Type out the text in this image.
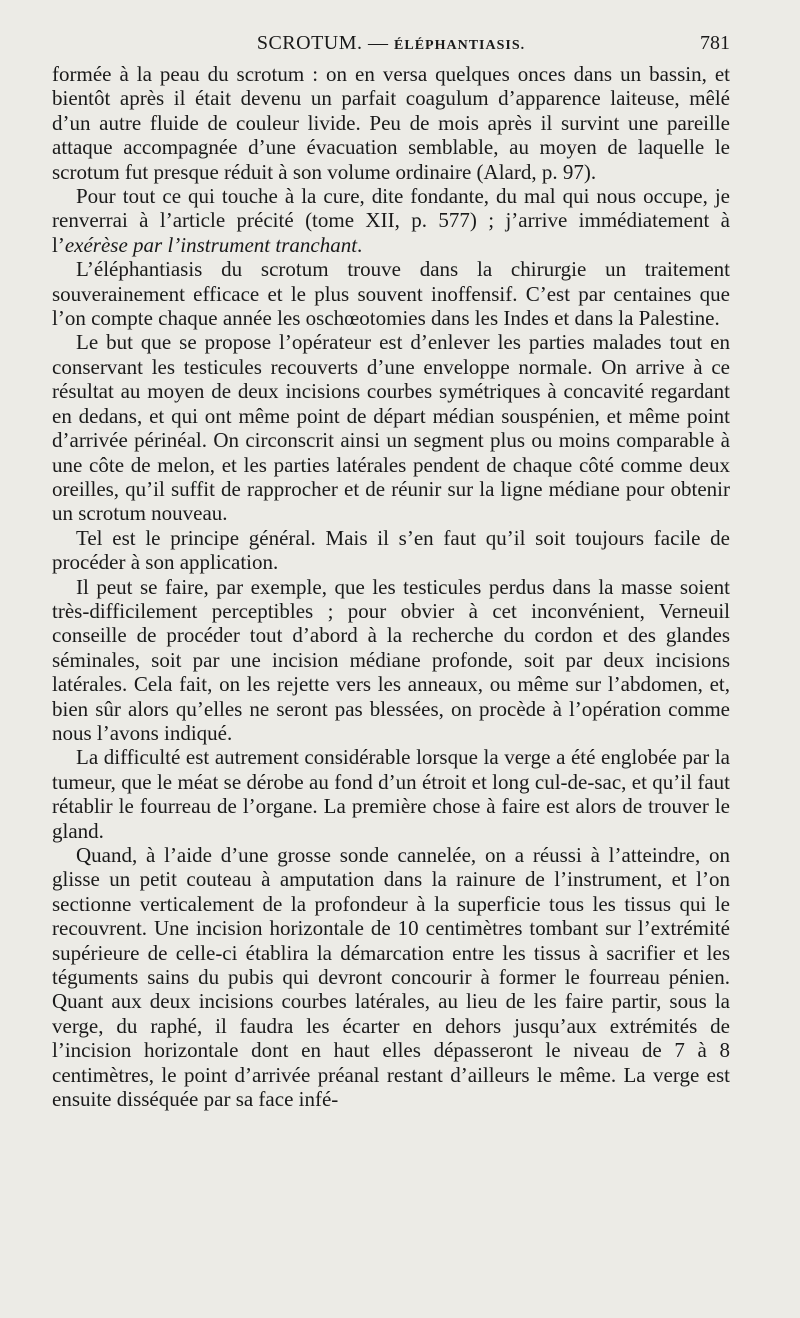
SCROTUM. — ÉLÉPHANTIASIS.	781

formée à la peau du scrotum : on en versa quelques onces dans un bassin, et bientôt après il était devenu un parfait coagulum d’apparence laiteuse, mêlé d’un autre fluide de couleur livide. Peu de mois après il survint une pareille attaque accompagnée d’une évacuation semblable, au moyen de laquelle le scrotum fut presque réduit à son volume ordinaire (Alard, p. 97).

Pour tout ce qui touche à la cure, dite fondante, du mal qui nous occupe, je renverrai à l’article précité (tome XII, p. 577) ; j’arrive immédiatement à l’exérèse par l’instrument tranchant.

L’éléphantiasis du scrotum trouve dans la chirurgie un traitement souverainement efficace et le plus souvent inoffensif. C’est par centaines que l’on compte chaque année les oschœotomies dans les Indes et dans la Palestine.

Le but que se propose l’opérateur est d’enlever les parties malades tout en conservant les testicules recouverts d’une enveloppe normale. On arrive à ce résultat au moyen de deux incisions courbes symétriques à concavité regardant en dedans, et qui ont même point de départ médian souspénien, et même point d’arrivée périnéal. On circonscrit ainsi un segment plus ou moins comparable à une côte de melon, et les parties latérales pendent de chaque côté comme deux oreilles, qu’il suffit de rapprocher et de réunir sur la ligne médiane pour obtenir un scrotum nouveau.

Tel est le principe général. Mais il s’en faut qu’il soit toujours facile de procéder à son application.

Il peut se faire, par exemple, que les testicules perdus dans la masse soient très-difficilement perceptibles ; pour obvier à cet inconvénient, Verneuil conseille de procéder tout d’abord à la recherche du cordon et des glandes séminales, soit par une incision médiane profonde, soit par deux incisions latérales. Cela fait, on les rejette vers les anneaux, ou même sur l’abdomen, et, bien sûr alors qu’elles ne seront pas blessées, on procède à l’opération comme nous l’avons indiqué.

La difficulté est autrement considérable lorsque la verge a été englobée par la tumeur, que le méat se dérobe au fond d’un étroit et long cul-de-sac, et qu’il faut rétablir le fourreau de l’organe. La première chose à faire est alors de trouver le gland.

Quand, à l’aide d’une grosse sonde cannelée, on a réussi à l’atteindre, on glisse un petit couteau à amputation dans la rainure de l’instrument, et l’on sectionne verticalement de la profondeur à la superficie tous les tissus qui le recouvrent. Une incision horizontale de 10 centimètres tombant sur l’extrémité supérieure de celle-ci établira la démarcation entre les tissus à sacrifier et les téguments sains du pubis qui devront concourir à former le fourreau pénien. Quant aux deux incisions courbes latérales, au lieu de les faire partir, sous la verge, du raphé, il faudra les écarter en dehors jusqu’aux extrémités de l’incision horizontale dont en haut elles dépasseront le niveau de 7 à 8 centimètres, le point d’arrivée préanal restant d’ailleurs le même. La verge est ensuite disséquée par sa face infé-
